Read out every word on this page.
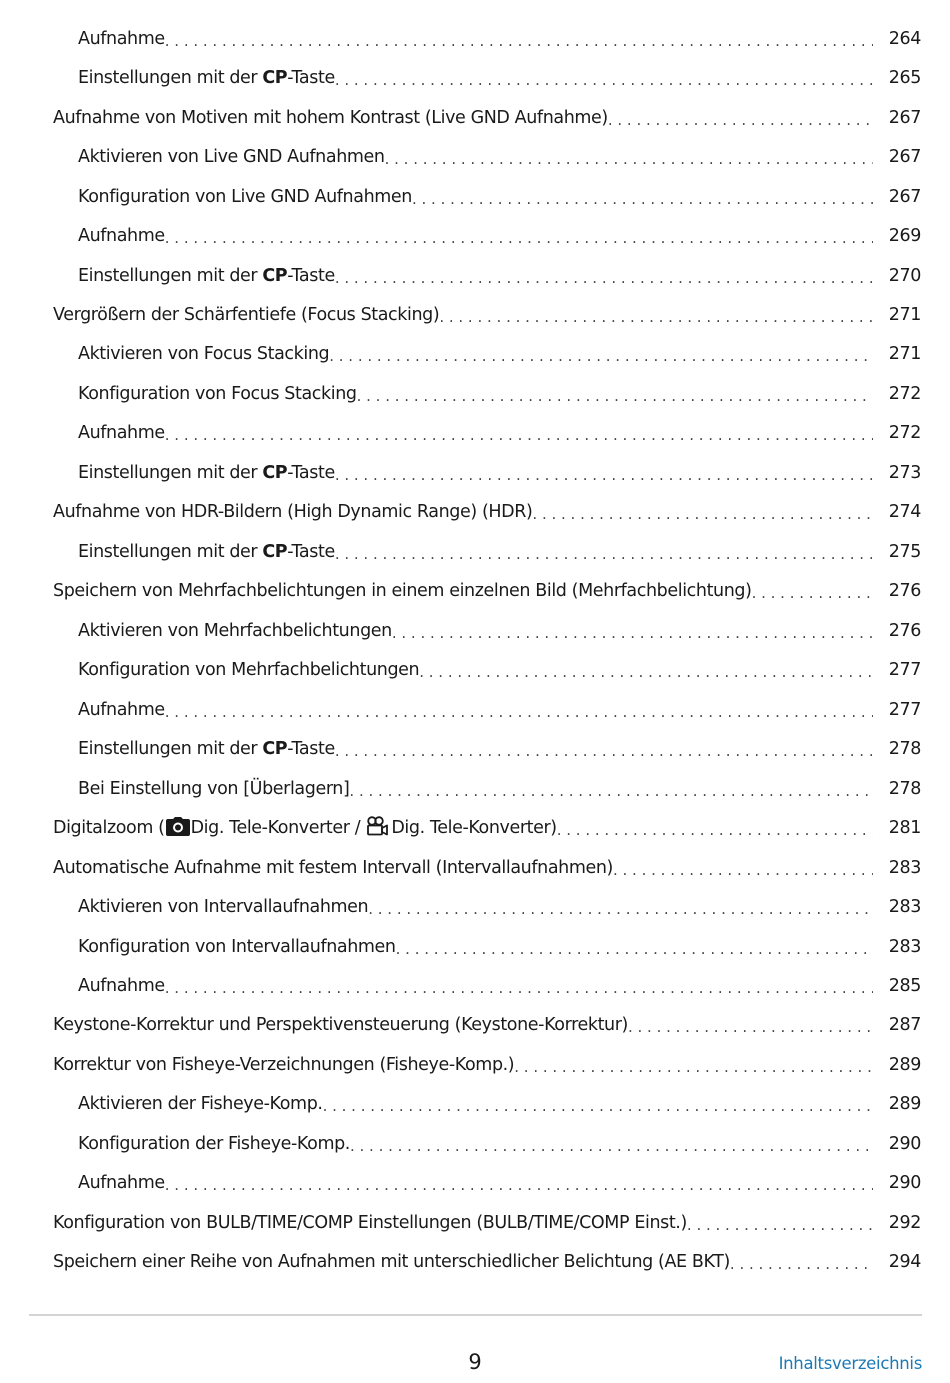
Aufnahme . . .	264
Einstellungen mit der CP-Taste . . .	265
Aufnahme von Motiven mit hohem Kontrast (Live GND Aufnahme) . . .	267
Aktivieren von Live GND Aufnahmen . . .	267
Konfiguration von Live GND Aufnahmen . . .	267
Aufnahme . . .	269
Einstellungen mit der CP-Taste . . .	270
Vergrößern der Schärfentiefe (Focus Stacking) . . .	271
Aktivieren von Focus Stacking . . .	271
Konfiguration von Focus Stacking . . .	272
Aufnahme . . .	272
Einstellungen mit der CP-Taste . . .	273
Aufnahme von HDR-Bildern (High Dynamic Range) (HDR) . . .	274
Einstellungen mit der CP-Taste . . .	275
Speichern von Mehrfachbelichtungen in einem einzelnen Bild (Mehrfachbelichtung) . . .	276
Aktivieren von Mehrfachbelichtungen . . .	276
Konfiguration von Mehrfachbelichtungen . . .	277
Aufnahme . . .	277
Einstellungen mit der CP-Taste . . .	278
Bei Einstellung von [Überlagern] . . .	278
Digitalzoom ( Dig. Tele-Konverter / Dig. Tele-Konverter) . . .	281
Automatische Aufnahme mit festem Intervall (Intervallaufnahmen) . . .	283
Aktivieren von Intervallaufnahmen . . .	283
Konfiguration von Intervallaufnahmen . . .	283
Aufnahme . . .	285
Keystone-Korrektur und Perspektivensteuerung (Keystone-Korrektur) . . .	287
Korrektur von Fisheye-Verzeichnungen (Fisheye-Komp.) . . .	289
Aktivieren der Fisheye-Komp. . . .	289
Konfiguration der Fisheye-Komp. . . .	290
Aufnahme . . .	290
Konfiguration von BULB/TIME/COMP Einstellungen (BULB/TIME/COMP Einst.) . . .	292
Speichern einer Reihe von Aufnahmen mit unterschiedlicher Belichtung (AE BKT) . . .	294
9	Inhaltsverzeichnis
